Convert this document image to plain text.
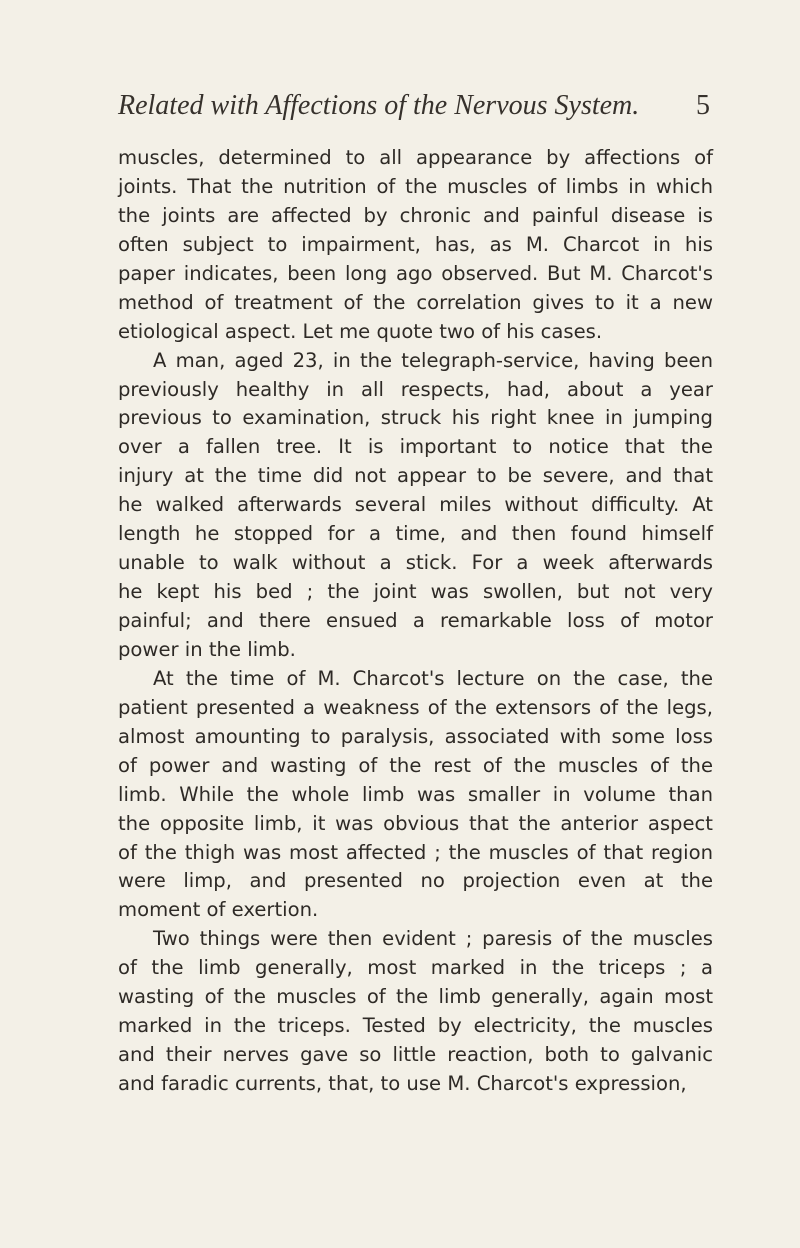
Related with Affections of the Nervous System. 5
muscles, determined to all appearance by affections of
joints. That the nutrition of the muscles of limbs in which
the joints are affected by chronic and painful disease is
often subject to impairment, has, as M. Charcot in his
paper indicates, been long ago observed. But M. Charcot's
method of treatment of the correlation gives to it a new
etiological aspect. Let me quote two of his cases.
A man, aged 23, in the telegraph-service, having been
previously healthy in all respects, had, about a year
previous to examination, struck his right knee in jumping
over a fallen tree. It is important to notice that the
injury at the time did not appear to be severe, and that
he walked afterwards several miles without difficulty. At
length he stopped for a time, and then found himself
unable to walk without a stick. For a week afterwards
he kept his bed ; the joint was swollen, but not very
painful; and there ensued a remarkable loss of motor
power in the limb.
At the time of M. Charcot's lecture on the case, the
patient presented a weakness of the extensors of the legs,
almost amounting to paralysis, associated with some loss
of power and wasting of the rest of the muscles of the
limb. While the whole limb was smaller in volume than
the opposite limb, it was obvious that the anterior aspect
of the thigh was most affected ; the muscles of that region
were limp, and presented no projection even at the
moment of exertion.
Two things were then evident ; paresis of the muscles
of the limb generally, most marked in the triceps ; a
wasting of the muscles of the limb generally, again most
marked in the triceps. Tested by electricity, the muscles
and their nerves gave so little reaction, both to galvanic
and faradic currents, that, to use M. Charcot's expression,
